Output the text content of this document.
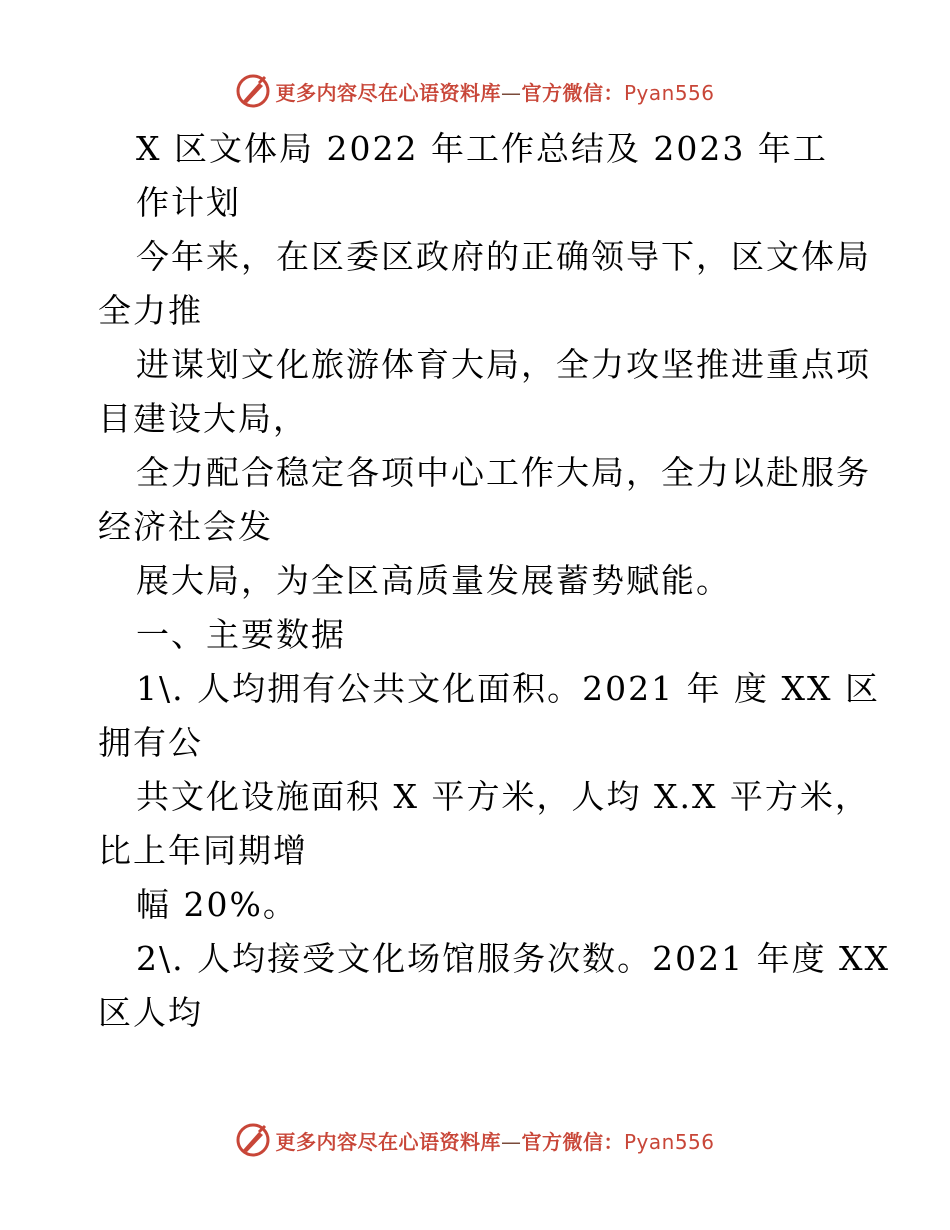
更多内容尽在心语资料库—官方微信：Pyan556
X 区文体局 2022 年工作总结及 2023 年工
作计划
今年来，在区委区政府的正确领导下，区文体局
全力推
进谋划文化旅游体育大局，全力攻坚推进重点项
目建设大局，
全力配合稳定各项中心工作大局，全力以赴服务
经济社会发
展大局，为全区高质量发展蓄势赋能。
一、主要数据
1\. 人均拥有公共文化面积。2021 年 度 XX 区
拥有公
共文化设施面积 X 平方米，人均 X.X 平方米，
比上年同期增
幅 20%。
2\. 人均接受文化场馆服务次数。2021 年度 XX
区人均
更多内容尽在心语资料库—官方微信：Pyan556
